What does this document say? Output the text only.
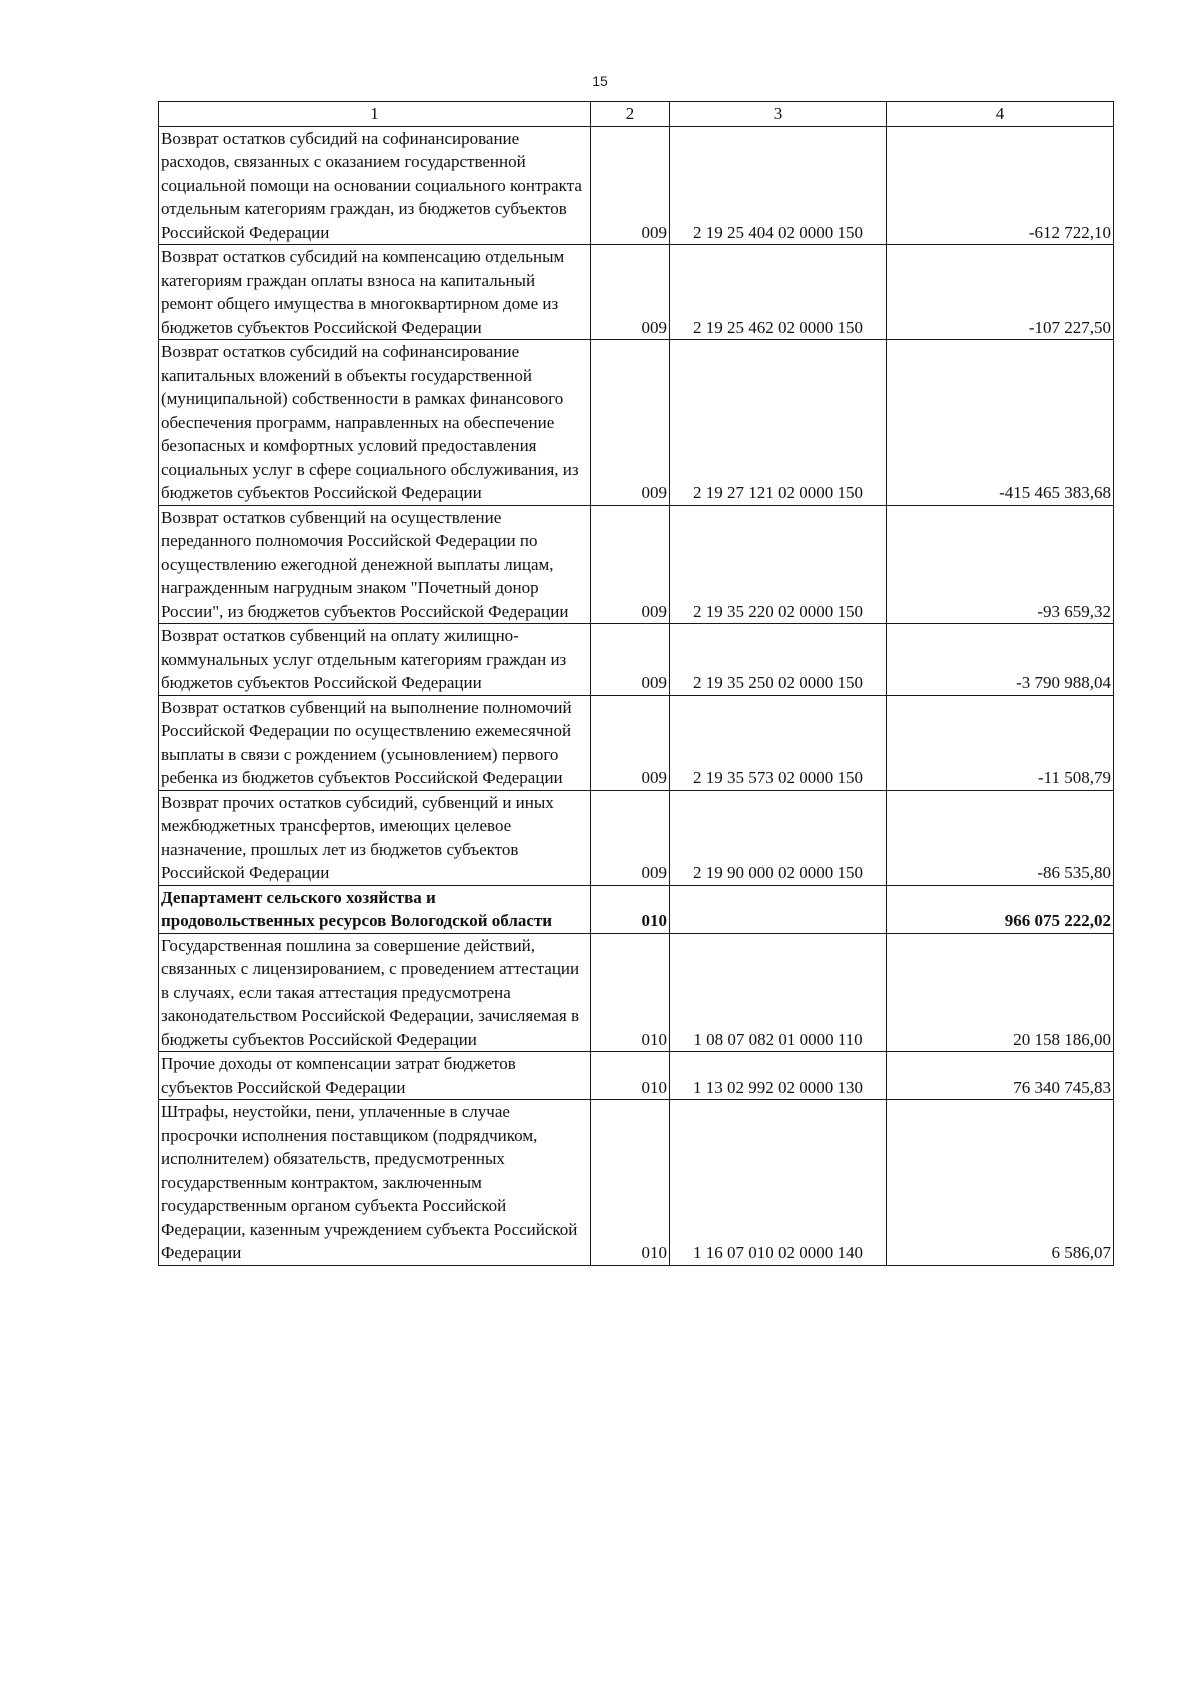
15
1	2	3	4
Возврат остатков субсидий на софинансирование расходов, связанных с оказанием государственной социальной помощи на основании социального контракта отдельным категориям граждан, из бюджетов субъектов Российской Федерации	009	2 19 25 404 02 0000 150	-612 722,10
Возврат остатков субсидий на компенсацию отдельным категориям граждан оплаты взноса на капитальный ремонт общего имущества в многоквартирном доме из бюджетов субъектов Российской Федерации	009	2 19 25 462 02 0000 150	-107 227,50
Возврат остатков субсидий на софинансирование капитальных вложений в объекты государственной (муниципальной) собственности в рамках финансового обеспечения программ, направленных на обеспечение безопасных и комфортных условий предоставления социальных услуг в сфере социального обслуживания, из бюджетов субъектов Российской Федерации	009	2 19 27 121 02 0000 150	-415 465 383,68
Возврат остатков субвенций на осуществление переданного полномочия Российской Федерации по осуществлению ежегодной денежной выплаты лицам, награжденным нагрудным знаком "Почетный донор России", из бюджетов субъектов Российской Федерации	009	2 19 35 220 02 0000 150	-93 659,32
Возврат остатков субвенций на оплату жилищно-коммунальных услуг отдельным категориям граждан из бюджетов субъектов Российской Федерации	009	2 19 35 250 02 0000 150	-3 790 988,04
Возврат остатков субвенций на выполнение полномочий Российской Федерации по осуществлению ежемесячной выплаты в связи с рождением (усыновлением) первого ребенка из бюджетов субъектов Российской Федерации	009	2 19 35 573 02 0000 150	-11 508,79
Возврат прочих остатков субсидий, субвенций и иных межбюджетных трансфертов, имеющих целевое назначение, прошлых лет из бюджетов субъектов Российской Федерации	009	2 19 90 000 02 0000 150	-86 535,80
Департамент сельского хозяйства и продовольственных ресурсов Вологодской области	010		966 075 222,02
Государственная пошлина за совершение действий, связанных с лицензированием, с проведением аттестации в случаях, если такая аттестация предусмотрена законодательством Российской Федерации, зачисляемая в бюджеты субъектов Российской Федерации	010	1 08 07 082 01 0000 110	20 158 186,00
Прочие доходы от компенсации затрат бюджетов субъектов Российской Федерации	010	1 13 02 992 02 0000 130	76 340 745,83
Штрафы, неустойки, пени, уплаченные в случае просрочки исполнения поставщиком (подрядчиком, исполнителем) обязательств, предусмотренных государственным контрактом, заключенным государственным органом субъекта Российской Федерации, казенным учреждением субъекта Российской Федерации	010	1 16 07 010 02 0000 140	6 586,07
